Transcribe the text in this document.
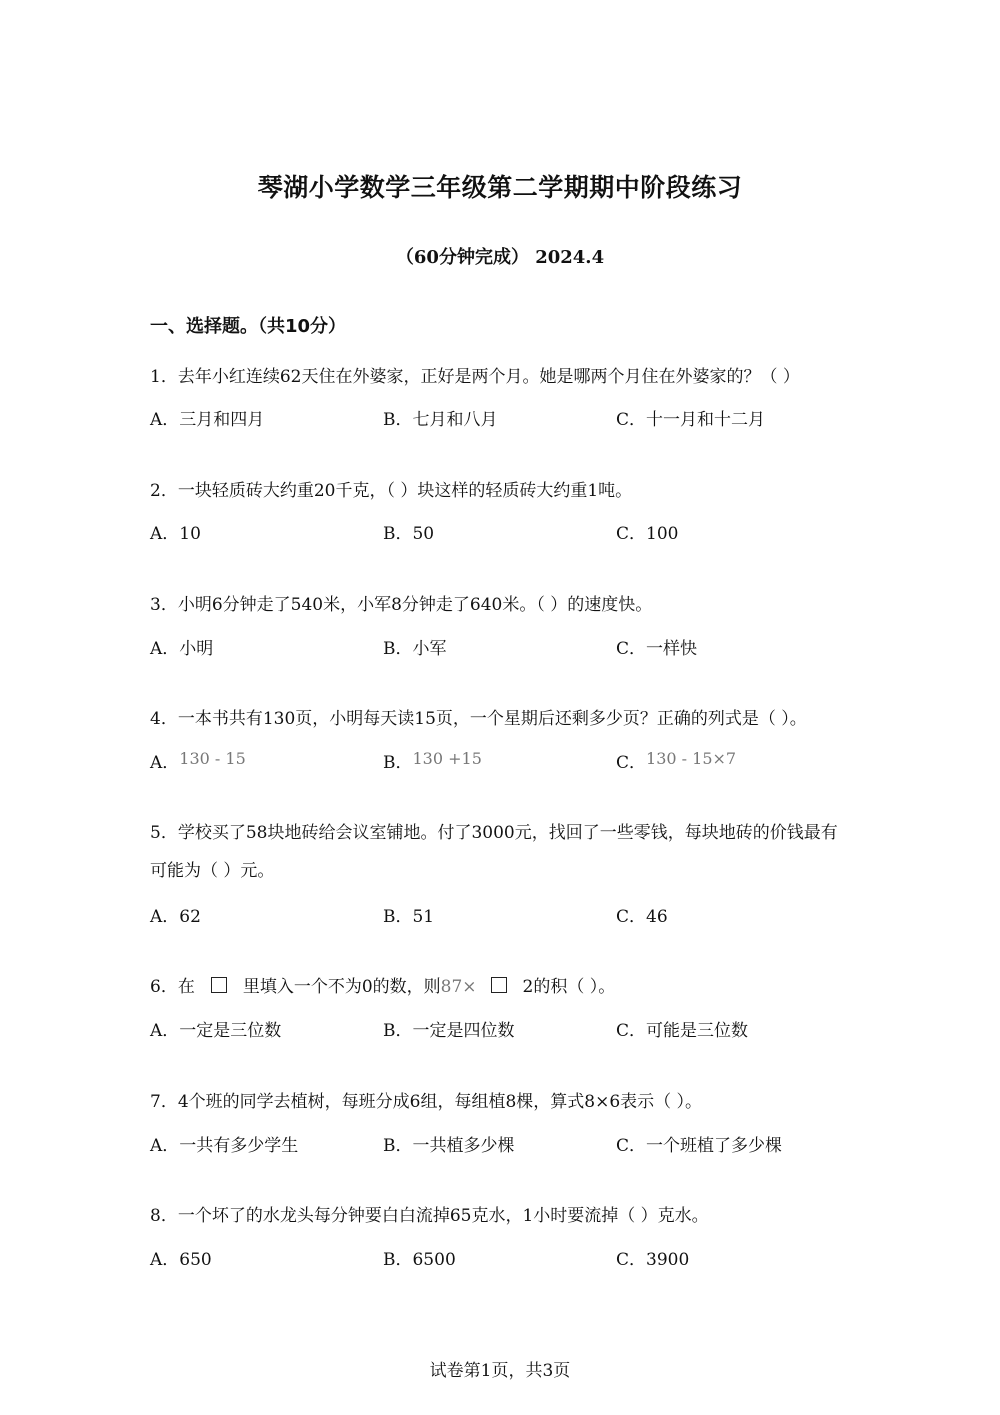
琴湖小学数学三年级第二学期期中阶段练习
（60分钟完成） 2024.4
一、选择题。（共10分）
1．去年小红连续62天住在外婆家，正好是两个月。她是哪两个月住在外婆家的？（ ）
A．三月和四月	B．七月和八月	C．十一月和十二月
2．一块轻质砖大约重20千克，（ ）块这样的轻质砖大约重1吨。
A．10	B．50	C．100
3．小明6分钟走了540米，小军8分钟走了640米。（ ）的速度快。
A．小明	B．小军	C．一样快
4．一本书共有130页，小明每天读15页，一个星期后还剩多少页？正确的列式是（ ）。
A．130 - 15	B．130 +15	C．130 - 15×7
5．学校买了58块地砖给会议室铺地。付了3000元，找回了一些零钱，每块地砖的价钱最有可能为（ ）元。
A．62	B．51	C．46
6．在	里填入一个不为0的数，则87×	2的积（ ）。
A．一定是三位数	B．一定是四位数	C．可能是三位数
7．4个班的同学去植树，每班分成6组，每组植8棵，算式8×6表示（ ）。
A．一共有多少学生	B．一共植多少棵	C．一个班植了多少棵
8．一个坏了的水龙头每分钟要白白流掉65克水，1小时要流掉（ ）克水。
A．650	B．6500	C．3900
试卷第1页，共3页
